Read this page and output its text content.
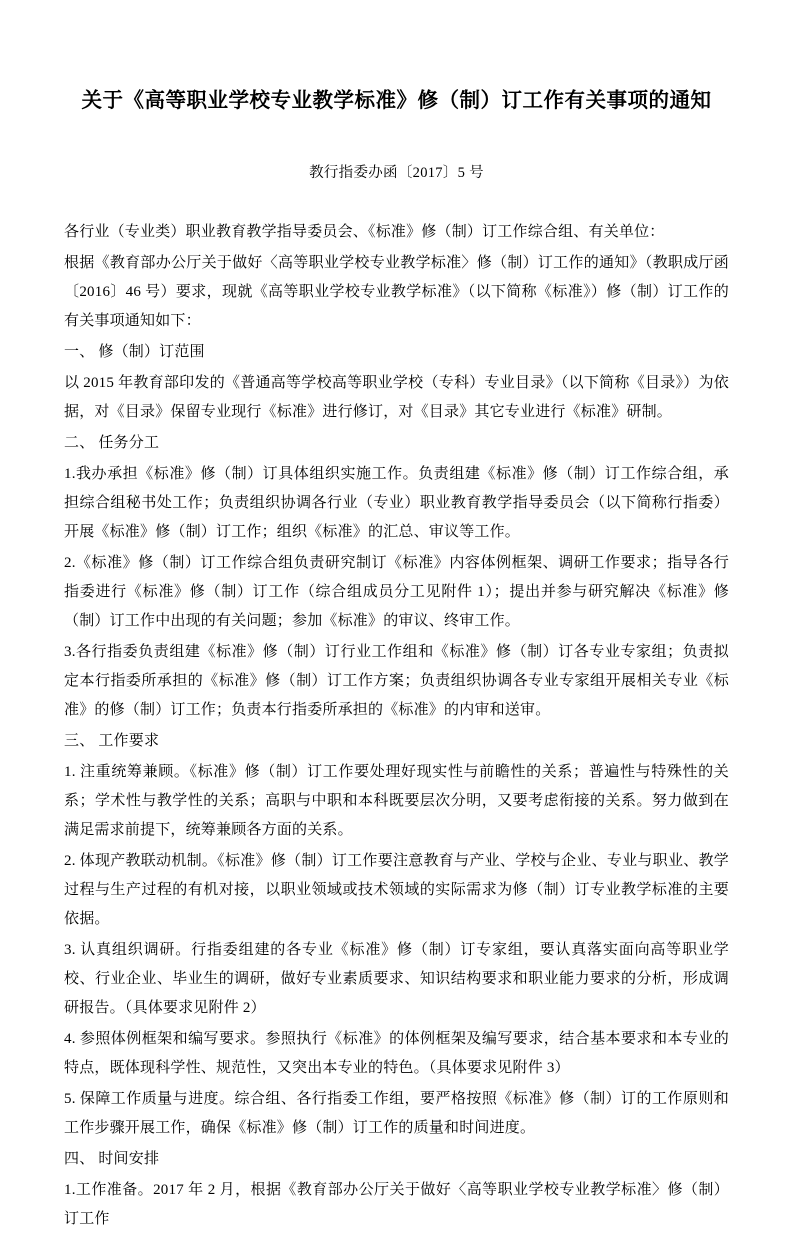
关于《高等职业学校专业教学标准》修（制）订工作有关事项的通知
教行指委办函〔2017〕5 号

各行业（专业类）职业教育教学指导委员会、《标准》修（制）订工作综合组、有关单位：

根据《教育部办公厅关于做好〈高等职业学校专业教学标准〉修（制）订工作的通知》（教职成厅函〔2016〕46 号）要求，现就《高等职业学校专业教学标准》（以下简称《标准》）修（制）订工作的有关事项通知如下：

一、 修（制）订范围

以 2015 年教育部印发的《普通高等学校高等职业学校（专科）专业目录》（以下简称《目录》）为依据，对《目录》保留专业现行《标准》进行修订，对《目录》其它专业进行《标准》研制。

二、 任务分工

1.我办承担《标准》修（制）订具体组织实施工作。负责组建《标准》修（制）订工作综合组，承担综合组秘书处工作；负责组织协调各行业（专业）职业教育教学指导委员会（以下简称行指委）开展《标准》修（制）订工作；组织《标准》的汇总、审议等工作。

2.《标准》修（制）订工作综合组负责研究制订《标准》内容体例框架、调研工作要求；指导各行指委进行《标准》修（制）订工作（综合组成员分工见附件 1）；提出并参与研究解决《标准》修（制）订工作中出现的有关问题；参加《标准》的审议、终审工作。

3.各行指委负责组建《标准》修（制）订行业工作组和《标准》修（制）订各专业专家组；负责拟定本行指委所承担的《标准》修（制）订工作方案；负责组织协调各专业专家组开展相关专业《标准》的修（制）订工作；负责本行指委所承担的《标准》的内审和送审。

三、 工作要求

1. 注重统筹兼顾。《标准》修（制）订工作要处理好现实性与前瞻性的关系；普遍性与特殊性的关系；学术性与教学性的关系；高职与中职和本科既要层次分明，又要考虑衔接的关系。努力做到在满足需求前提下，统筹兼顾各方面的关系。

2. 体现产教联动机制。《标准》修（制）订工作要注意教育与产业、学校与企业、专业与职业、教学过程与生产过程的有机对接，以职业领域或技术领域的实际需求为修（制）订专业教学标准的主要依据。

3. 认真组织调研。行指委组建的各专业《标准》修（制）订专家组，要认真落实面向高等职业学校、行业企业、毕业生的调研，做好专业素质要求、知识结构要求和职业能力要求的分析，形成调研报告。（具体要求见附件 2）

4. 参照体例框架和编写要求。参照执行《标准》的体例框架及编写要求，结合基本要求和本专业的特点，既体现科学性、规范性，又突出本专业的特色。（具体要求见附件 3）

5. 保障工作质量与进度。综合组、各行指委工作组，要严格按照《标准》修（制）订的工作原则和工作步骤开展工作，确保《标准》修（制）订工作的质量和时间进度。

四、 时间安排

1.工作准备。2017 年 2 月，根据《教育部办公厅关于做好〈高等职业学校专业教学标准〉修（制）订工作
